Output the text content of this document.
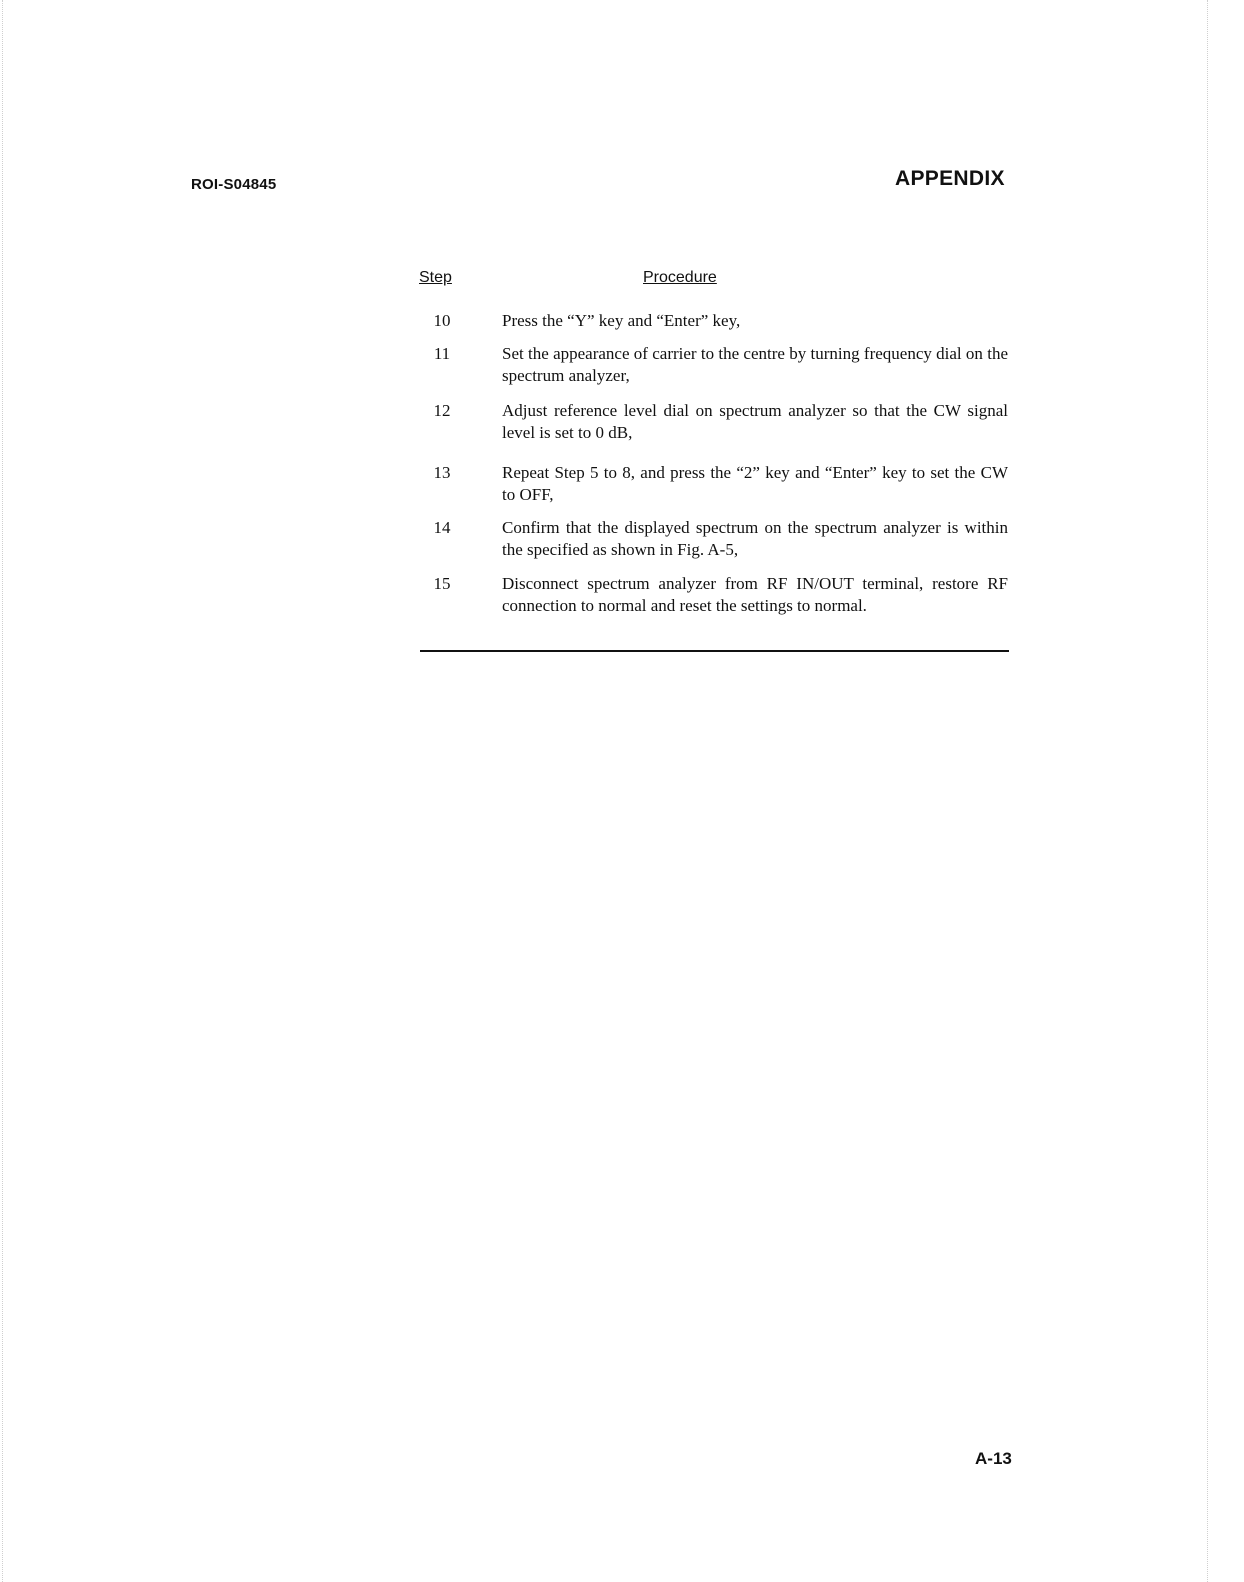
ROI-S04845	APPENDIX
Step	Procedure
10	Press the “Y” key and “Enter” key,
11	Set the appearance of carrier to the centre by turning frequency dial on the spectrum analyzer,
12	Adjust reference level dial on spectrum analyzer so that the CW signal level is set to 0 dB,
13	Repeat Step 5 to 8, and press the “2” key and “Enter” key to set the CW to OFF,
14	Confirm that the displayed spectrum on the spectrum analyzer is within the specified as shown in Fig. A-5,
15	Disconnect spectrum analyzer from RF IN/OUT terminal, restore RF connection to normal and reset the settings to normal.
A-13
